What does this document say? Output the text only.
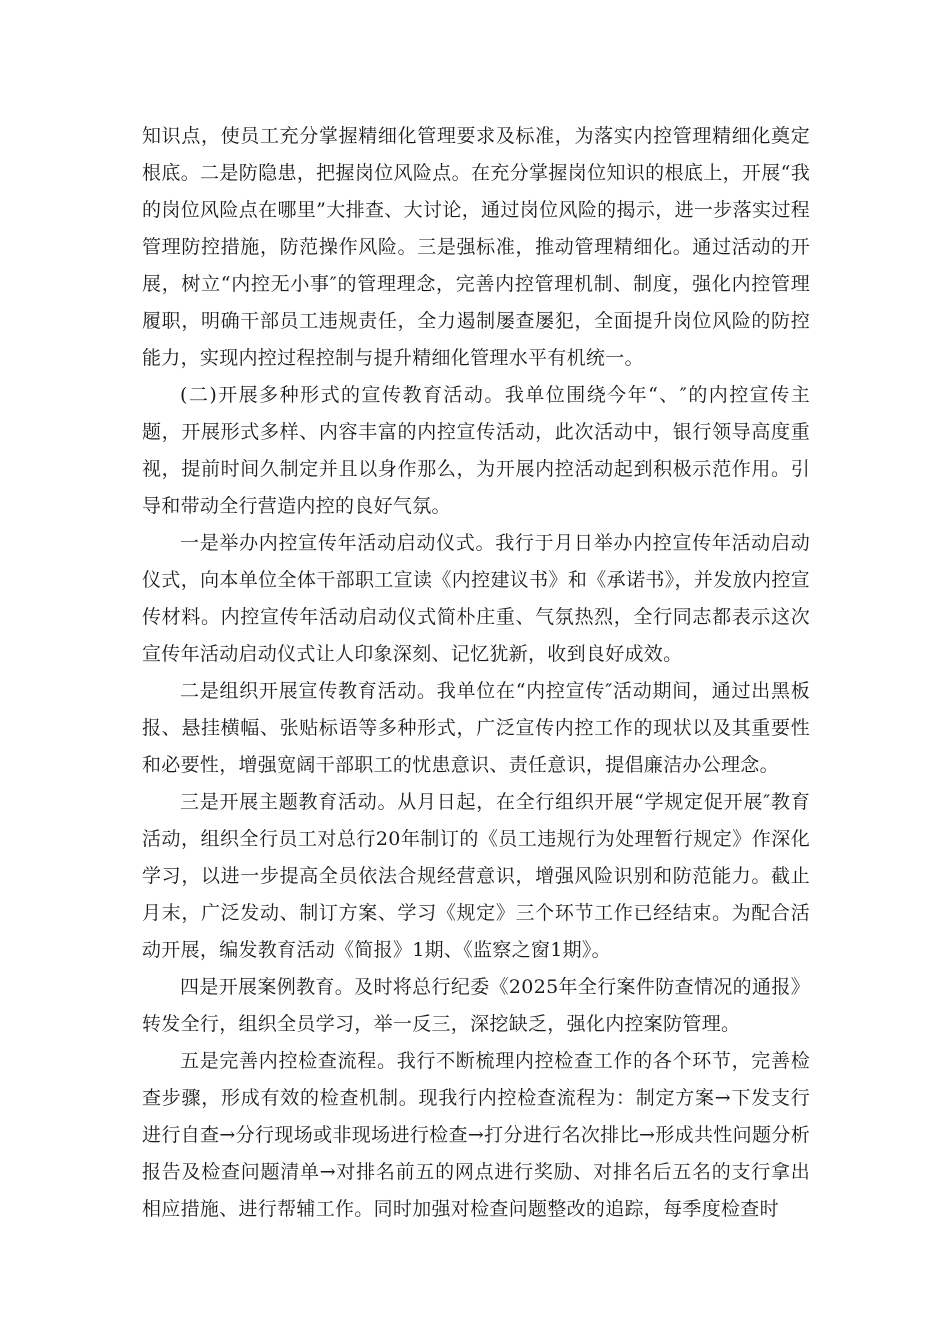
知识点，使员工充分掌握精细化管理要求及标准，为落实内控管理精细化奠定根底。二是防隐患，把握岗位风险点。在充分掌握岗位知识的根底上，开展“我的岗位风险点在哪里”大排查、大讨论，通过岗位风险的揭示，进一步落实过程管理防控措施，防范操作风险。三是强标准，推动管理精细化。通过活动的开展，树立“内控无小事″的管理理念，完善内控管理机制、制度，强化内控管理履职，明确干部员工违规责任，全力遏制屡查屡犯，全面提升岗位风险的防控能力，实现内控过程控制与提升精细化管理水平有机统一。

(二)开展多种形式的宣传教育活动。我单位围绕今年“、″的内控宣传主题，开展形式多样、内容丰富的内控宣传活动，此次活动中，银行领导高度重视，提前时间久制定并且以身作那么，为开展内控活动起到积极示范作用。引导和带动全行营造内控的良好气氛。

一是举办内控宣传年活动启动仪式。我行于月日举办内控宣传年活动启动仪式，向本单位全体干部职工宣读《内控建议书》和《承诺书》，并发放内控宣传材料。内控宣传年活动启动仪式简朴庄重、气氛热烈，全行同志都表示这次宣传年活动启动仪式让人印象深刻、记忆犹新，收到良好成效。

二是组织开展宣传教育活动。我单位在“内控宣传″活动期间，通过出黑板报、悬挂横幅、张贴标语等多种形式，广泛宣传内控工作的现状以及其重要性和必要性，增强宽阔干部职工的忧患意识、责任意识，提倡廉洁办公理念。

三是开展主题教育活动。从月日起，在全行组织开展“学规定促开展″教育活动，组织全行员工对总行20年制订的《员工违规行为处理暂行规定》作深化学习，以进一步提高全员依法合规经营意识，增强风险识别和防范能力。截止月末，广泛发动、制订方案、学习《规定》三个环节工作已经结束。为配合活动开展，编发教育活动《简报》1期、《监察之窗1期》。

四是开展案例教育。及时将总行纪委《2025年全行案件防查情况的通报》转发全行，组织全员学习，举一反三，深挖缺乏，强化内控案防管理。

五是完善内控检查流程。我行不断梳理内控检查工作的各个环节，完善检查步骤，形成有效的检查机制。现我行内控检查流程为：制定方案→下发支行进行自查→分行现场或非现场进行检查→打分进行名次排比→形成共性问题分析报告及检查问题清单→对排名前五的网点进行奖励、对排名后五名的支行拿出相应措施、进行帮辅工作。同时加强对检查问题整改的追踪，每季度检查时
